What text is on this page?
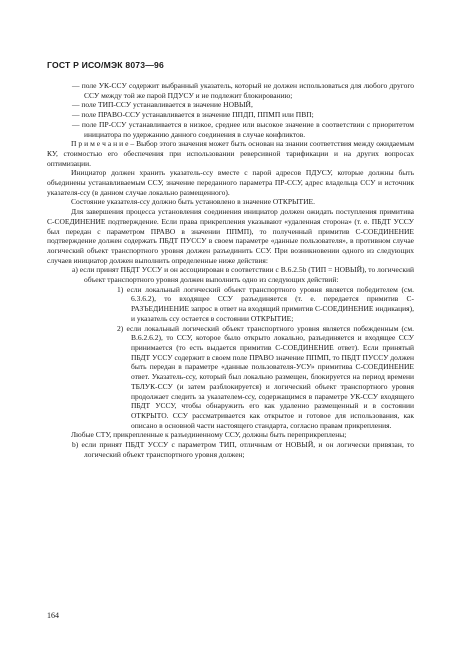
ГОСТ Р ИСО/МЭК 8073—96

— поле УК-ССУ содержит выбранный указатель, который не должен использоваться для любого другого ССУ между той же парой ПДУСУ и не подлежит блокированию;

— поле ТИП-ССУ устанавливается в значение НОВЫЙ,

— поле ПРАВО-ССУ устанавливается в значение ППДП, ППМП или ПВП;

— поле ПР-ССУ устанавливается в низкое, среднее или высокое значение в соответствии с приоритетом инициатора по удержанию данного соединения в случае конфликтов.

П р и м е ч а н и е – Выбор этого значения может быть основан на знании соответствия между ожидаемым КУ, стоимостью его обеспечения при использовании реверсивной тарификации и на других вопросах оптимизации.

Инициатор должен хранить указатель-ссу вместе с парой адресов ПДУСУ, которые должны быть объединены устанавливаемым ССУ, значение переданного параметра ПР-ССУ, адрес владельца ССУ и источник указателя-ссу (в данном случае локально размещенного).

Состояние указателя-ссу должно быть установлено в значение ОТКРЫТИЕ.

Для завершения процесса установления соединения инициатор должен ожидать поступления примитива С-СОЕДИНЕНИЕ подтверждение. Если права прикрепления указывают «удаленная сторона» (т. е. ПБДТ УССУ был передан с параметром ПРАВО в значении ППМП), то полученный примитив С-СОЕДИНЕНИЕ подтверждение должен содержать ПБДТ ПУССУ в своем параметре «данные пользователя», в противном случае логический объект транспортного уровня должен разъединить ССУ. При возникновении одного из следующих случаев инициатор должен выполнить определенные ниже действия:

а) если принят ПБДТ УССУ и он ассоциирован в соответствии с В.6.2.5b (ТИП = НОВЫЙ), то логический объект транспортного уровня должен выполнить одно из следующих действий:

1) если локальный логический объект транспортного уровня является победителем (см. 6.3.6.2), то входящее ССУ разъединяется (т. е. передается примитив С-РАЗЪЕДИНЕНИЕ запрос в ответ на входящий примитив С-СОЕДИНЕНИЕ индикация), и указатель ссу остается в состоянии ОТКРЫТИЕ;

2) если локальный логический объект транспортного уровня является побежденным (см. В.6.2.6.2), то ССУ, которое было открыто локально, разъединяется и входящее ССУ принимается (то есть выдается примитив С-СОЕДИНЕНИЕ ответ). Если принятый ПБДТ УССУ содержит в своем поле ПРАВО значение ППМП, то ПБДТ ПУССУ должен быть передан в параметре «данные пользователя-УСУ» примитива С-СОЕДИНЕНИЕ ответ. Указатель-ссу, который был локально размещен, блокируется на период времени ТБЛУК-ССУ (и затем разблокируется) и логический объект транспортного уровня продолжает следить за указателем-ссу, содержащимся в параметре УК-ССУ входящего ПБДТ УССУ, чтобы обнаружить его как удаленно размещенный и в состоянии ОТКРЫТО. ССУ рассматривается как открытое и готовое для использования, как описано в основной части настоящего стандарта, согласно правам прикрепления.

Любые СТУ, прикрепленные к разъединенному ССУ, должны быть переприкреплены;

b) если принят ПБДТ УССУ с параметром ТИП, отличным от НОВЫЙ, и он логически привязан, то логический объект транспортного уровня должен;

164
